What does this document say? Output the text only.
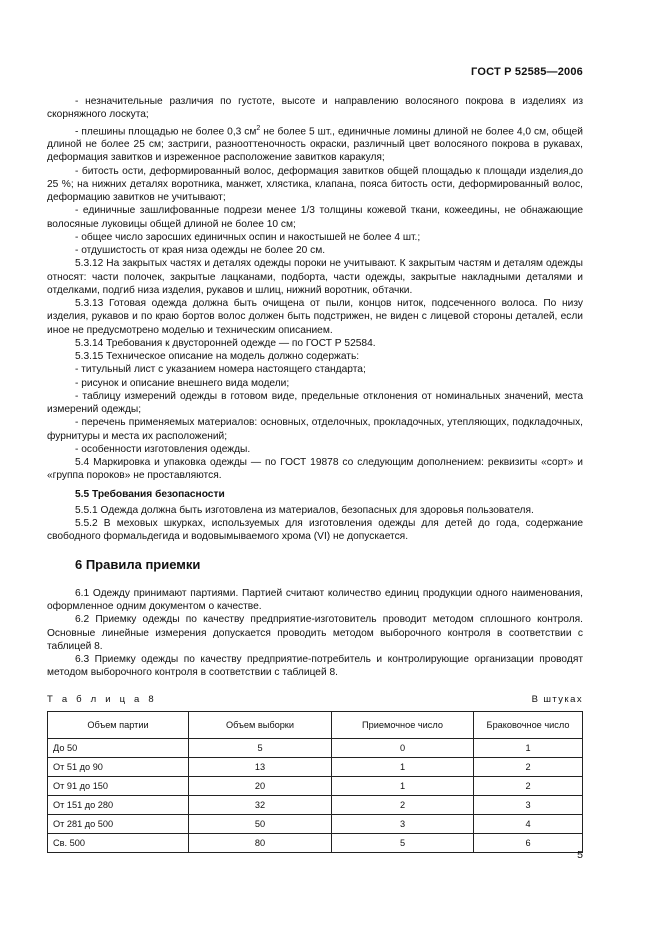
ГОСТ Р 52585—2006

- незначительные различия по густоте, высоте и направлению волосяного покрова в изделиях из скорняжного лоскута;

- плешины площадью не более 0,3 $см^2$ не более 5 шт., единичные ломины длиной не более 4,0 см, общей длиной не более 25 см; застриги, разнооттеночность окраски, различный цвет волосяного покрова в рукавах, деформация завитков и изреженное расположение завитков каракуля;

- битость ости, деформированный волос, деформация завитков общей площадью к площади изделия,до 25 %; на нижних деталях воротника, манжет, хлястика, клапана, пояса битость ости, деформированный волос, деформацию завитков не учитывают;

- единичные зашлифованные подрези менее 1/3 толщины кожевой ткани, кожеедины, не обнажающие волосяные луковицы общей длиной не более 10 см;

- общее число заросших единичных оспин и накостышей не более 4 шт.;

- отдушистость от края низа одежды не более 20 см.

5.3.12 На закрытых частях и деталях одежды пороки не учитывают. К закрытым частям и деталям одежды относят: части полочек, закрытые лацканами, подборта, части одежды, закрытые накладными деталями и отделками, подгиб низа изделия, рукавов и шлиц, нижний воротник, обтачки.

5.3.13 Готовая одежда должна быть очищена от пыли, концов ниток, подсеченного волоса. По низу изделия, рукавов и по краю бортов волос должен быть подстрижен, не виден с лицевой стороны деталей, если иное не предусмотрено моделью и техническим описанием.

5.3.14 Требования к двусторонней одежде — по ГОСТ Р 52584.

5.3.15 Техническое описание на модель должно содержать:

- титульный лист с указанием номера настоящего стандарта;

- рисунок и описание внешнего вида модели;

- таблицу измерений одежды в готовом виде, предельные отклонения от номинальных значений, места измерений одежды;

- перечень применяемых материалов: основных, отделочных, прокладочных, утепляющих, подкладочных, фурнитуры и места их расположений;

- особенности изготовления одежды.

5.4 Маркировка и упаковка одежды — по ГОСТ 19878 со следующим дополнением: реквизиты «сорт» и «группа пороков» не проставляются.

5.5 Требования безопасности

5.5.1 Одежда должна быть изготовлена из материалов, безопасных для здоровья пользователя.

5.5.2 В меховых шкурках, используемых для изготовления одежды для детей до года, содержание свободного формальдегида и водовымываемого хрома (VI) не допускается.

6 Правила приемки

6.1 Одежду принимают партиями. Партией считают количество единиц продукции одного наименования, оформленное одним документом о качестве.

6.2 Приемку одежды по качеству предприятие-изготовитель проводит методом сплошного контроля. Основные линейные измерения допускается проводить методом выборочного контроля в соответствии с таблицей 8.

6.3 Приемку одежды по качеству предприятие-потребитель и контролирующие организации проводят методом выборочного контроля в соответствии с таблицей 8.

Т а б л и ц а 8	В штуках
Объем партии	Объем выборки	Приемочное число	Браковочное число
До 50	5	0	1
От 51 до 90	13	1	2
От 91 до 150	20	1	2
От 151 до 280	32	2	3
От 281 до 500	50	3	4
Св. 500	80	5	6
5
